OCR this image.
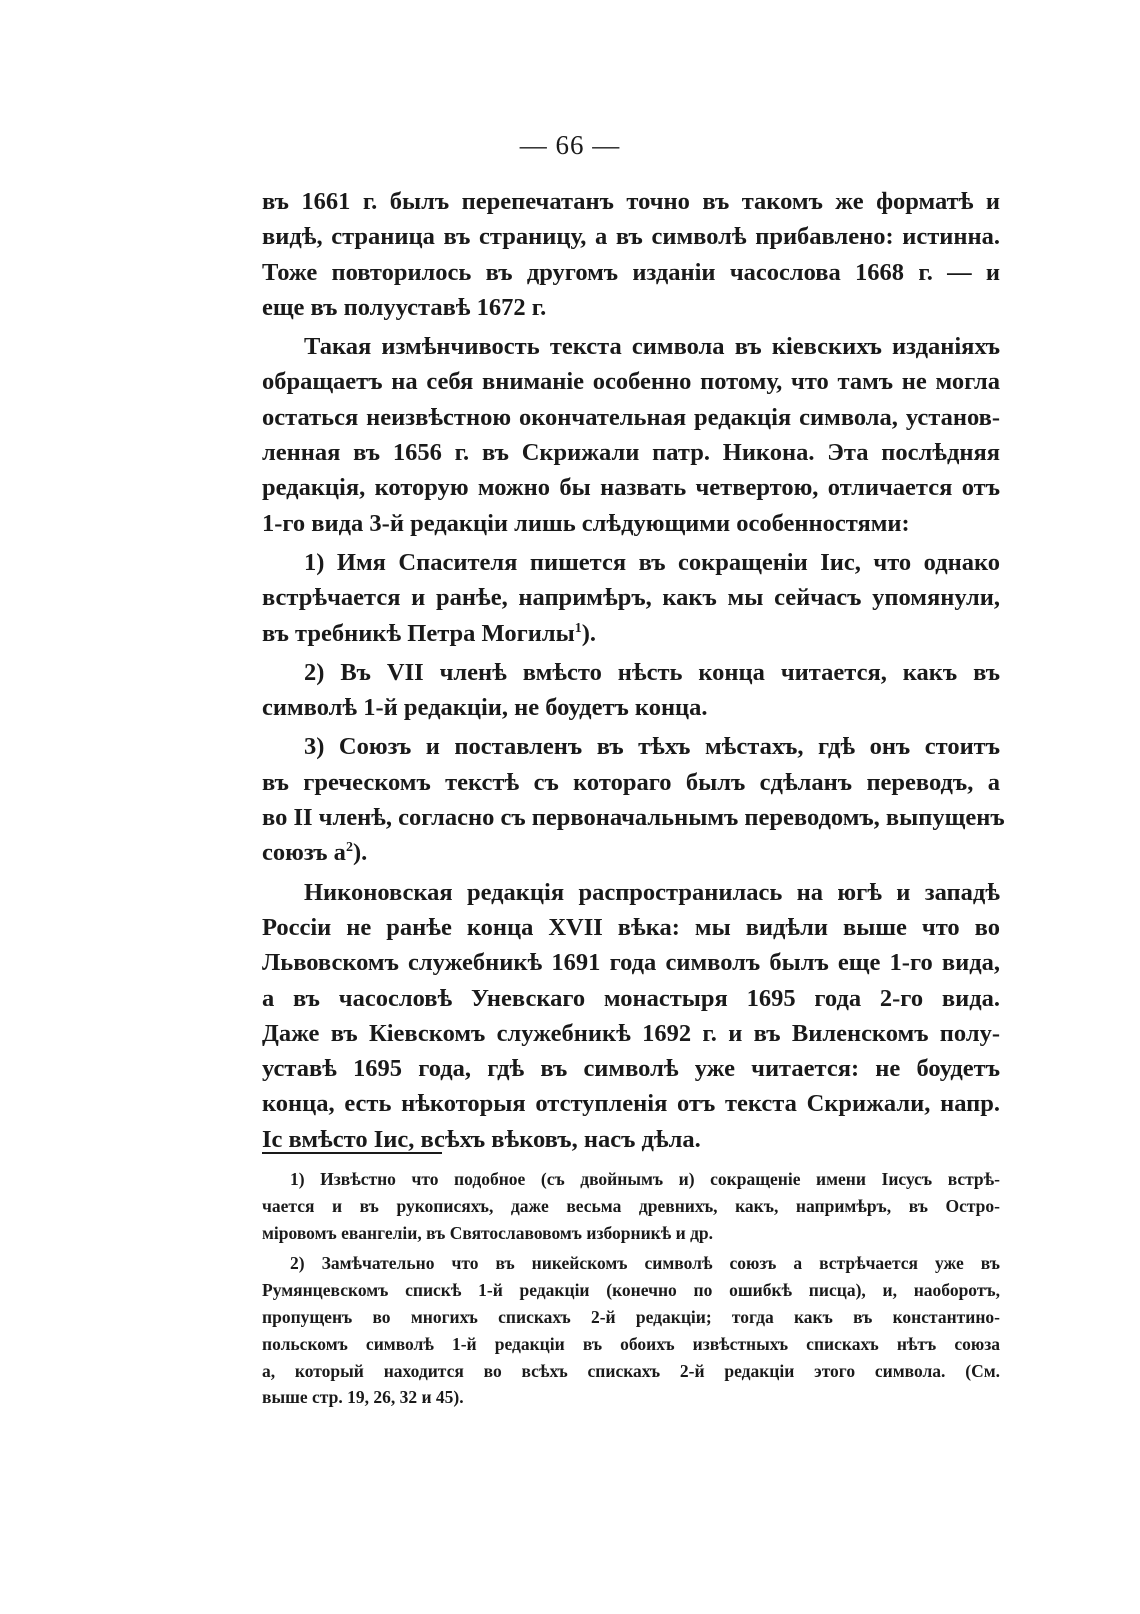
— 66 —

въ 1661 г. былъ перепечатанъ точно въ такомъ же форматѣ и
видѣ, страница въ страницу, а въ символѣ прибавлено: истинна.
Тоже повторилось въ другомъ изданіи часослова 1668 г. — и
еще въ полууставѣ 1672 г.

Такая измѣнчивость текста символа въ кіевскихъ изданіяхъ
обращаетъ на себя вниманіе особенно потому, что тамъ не могла
остаться неизвѣстною окончательная редакція символа, установ-
ленная въ 1656 г. въ Скрижали патр. Никона. Эта послѣдняя
редакція, которую можно бы назвать четвертою, отличается отъ
1-го вида 3-й редакціи лишь слѣдующими особенностями:

1) Имя Спасителя пишется въ сокращеніи Іис, что однако
встрѣчается и ранѣе, напримѣръ, какъ мы сейчасъ упомянули,
въ требникѣ Петра Могилы$^1$).

2) Въ VII членѣ вмѣсто нѣсть конца читается, какъ въ
символѣ 1-й редакціи, не боудетъ конца.

3) Союзъ и поставленъ въ тѣхъ мѣстахъ, гдѣ онъ стоитъ
въ греческомъ текстѣ съ котораго былъ сдѣланъ переводъ, а
во II членѣ, согласно съ первоначальнымъ переводомъ, выпущенъ
союзъ $а^2$).

Никоновская редакція распространилась на югѣ и западѣ
Россіи не ранѣе конца XVII вѣка: мы видѣли выше что во
Львовскомъ служебникѣ 1691 года символъ былъ еще 1-го вида,
а въ часословѣ Уневскаго монастыря 1695 года 2-го вида.
Даже въ Кіевскомъ служебникѣ 1692 г. и въ Виленскомъ полу-
уставѣ 1695 года, гдѣ въ символѣ уже читается: не боудетъ
конца, есть нѣкоторыя отступленія отъ текста Скрижали, напр.
Іс вмѣсто Іис, всѣхъ вѣковъ, насъ дѣла.

1) Извѣстно что подобное (съ двойнымъ и) сокращеніе имени Іисусъ встрѣ-
чается и въ рукописяхъ, даже весьма древнихъ, какъ, напримѣръ, въ Остро-
міровомъ евангеліи, въ Святославовомъ изборникѣ и др.
2) Замѣчательно что въ никейскомъ символѣ союзъ а встрѣчается уже въ
Румянцевскомъ спискѣ 1-й редакціи (конечно по ошибкѣ писца), и, наоборотъ,
пропущенъ во многихъ спискахъ 2-й редакціи; тогда какъ въ константино-
польскомъ символѣ 1-й редакціи въ обоихъ извѣстныхъ спискахъ нѣтъ союза
а, который находится во всѣхъ спискахъ 2-й редакціи этого символа. (См.
выше стр. 19, 26, 32 и 45).
